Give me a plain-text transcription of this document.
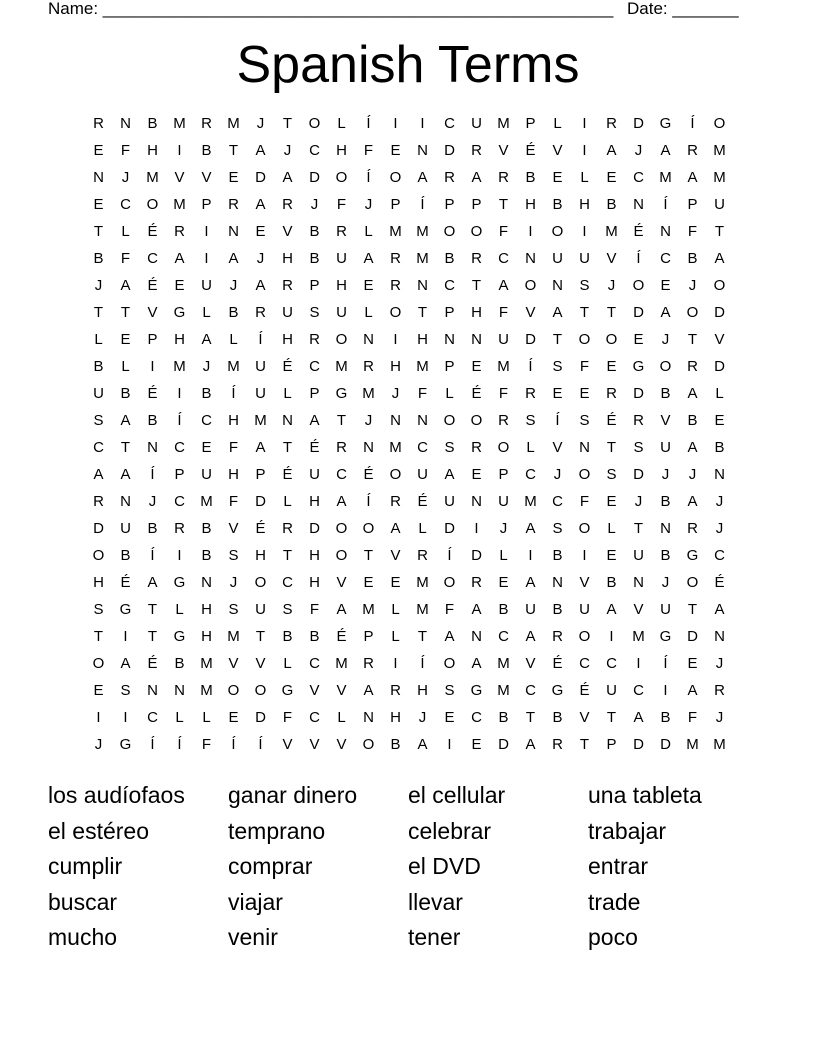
Name: ______________________________________________________ Date: _______
Spanish Terms
R	N	B	M	R	M	J	T	O	L	Í	I	I	C	U	M	P	L	I	R	D	G	Í	O
E	F	H	I	B	T	A	J	C	H	F	E	N	D	R	V	É	V	I	A	J	A	R	M
N	J	M	V	V	E	D	A	D	O	Í	O	A	R	A	R	B	E	L	E	C	M	A	M
E	C	O M	P	R	A	R	J	F	J	P	Í	P	P	T	H	B	H	B	N	Í	P	U
T	L	É	R	I	N	E	V	B	R	L	M M O	O	F	I	O	I	M	É	N	F	T
B	F	C	A	I	A	J	H	B	U	A	R	M	B	R	C	N	U	U	V	Í	C	B	A
J	A	É	E	U	J	A	R	P	H	E	R	N	C	T	A	O	N	S	J	O	E	J	O
T	T	V	G	L	B	R	U	S	U	L	O	T	P	H	F	V	A	T	T	D	A	O	D
L	E	P	H	A	L	Í	H	R	O	N	I	H	N	N	U	D	T	O	O	E	J	T	V
B	L	I	M	J	M	U	É	C	M	R	H	M	P	E	M	Í	S	F	E	G	O	R	D
U	B	É	I	B	Í	U	L	P	G M	J	F	L	É	F	R	E	E	R	D	B	A	L
S	A	B	Í	C	H	M	N	A	T	J	N	N	O	O	R	S	Í	S	É	R	V	B	E
C	T	N	C	E	F	A	T	É	R	N	M	C	S	R	O	L	V	N	T	S	U	A	B
A	A	Í	P	U	H	P	É	U	C	É	O	U	A	E	P	C	J	O	S	D	J	J	N
R	N	J	C	M	F	D	L	H	A	Í	R	É	U	N	U	M	C	F	E	J	B	A	J
D	U	B	R	B	V	É	R	D	O	O	A	L	D	I	J	A	S	O	L	T	N	R	J
O	B	Í	I	B	S	H	T	H	O	T	V	R	Í	D	L	I	B	I	E	U	B	G	C
H	É	A	G	N	J	O	C	H	V	E	E	M O	R	E	A	N	V	B	N	J	O	É
S	G	T	L	H	S	U	S	F	A	M	L	M	F	A	B	U	B	U	A	V	U	T	A
T	I	T	G	H	M	T	B	B	É	P	L	T	A	N	C	A	R	O	I	M G	D	N
O	A	É	B	M	V	V	L	C	M	R	I	Í	O	A	M	V	É	C	C	I	Í	E	J
E	S	N	N	M O	O	G	V	V	A	R	H	S	G M	C	G	É	U	C	I	A	R
I	I	C	L	L	E	D	F	C	L	N	H	J	E	C	B	T	B	V	T	A	B	F	J
J	G	Í	Í	F	Í	Í	V	V	V	O	B	A	I	E	D	A	R	T	P	D	D	M M
los audíofaos	ganar dinero	el cellular	una tableta
el estéreo	temprano	celebrar	trabajar
cumplir	comprar	el DVD	entrar
buscar	viajar	llevar	trade
mucho	venir	tener	poco
